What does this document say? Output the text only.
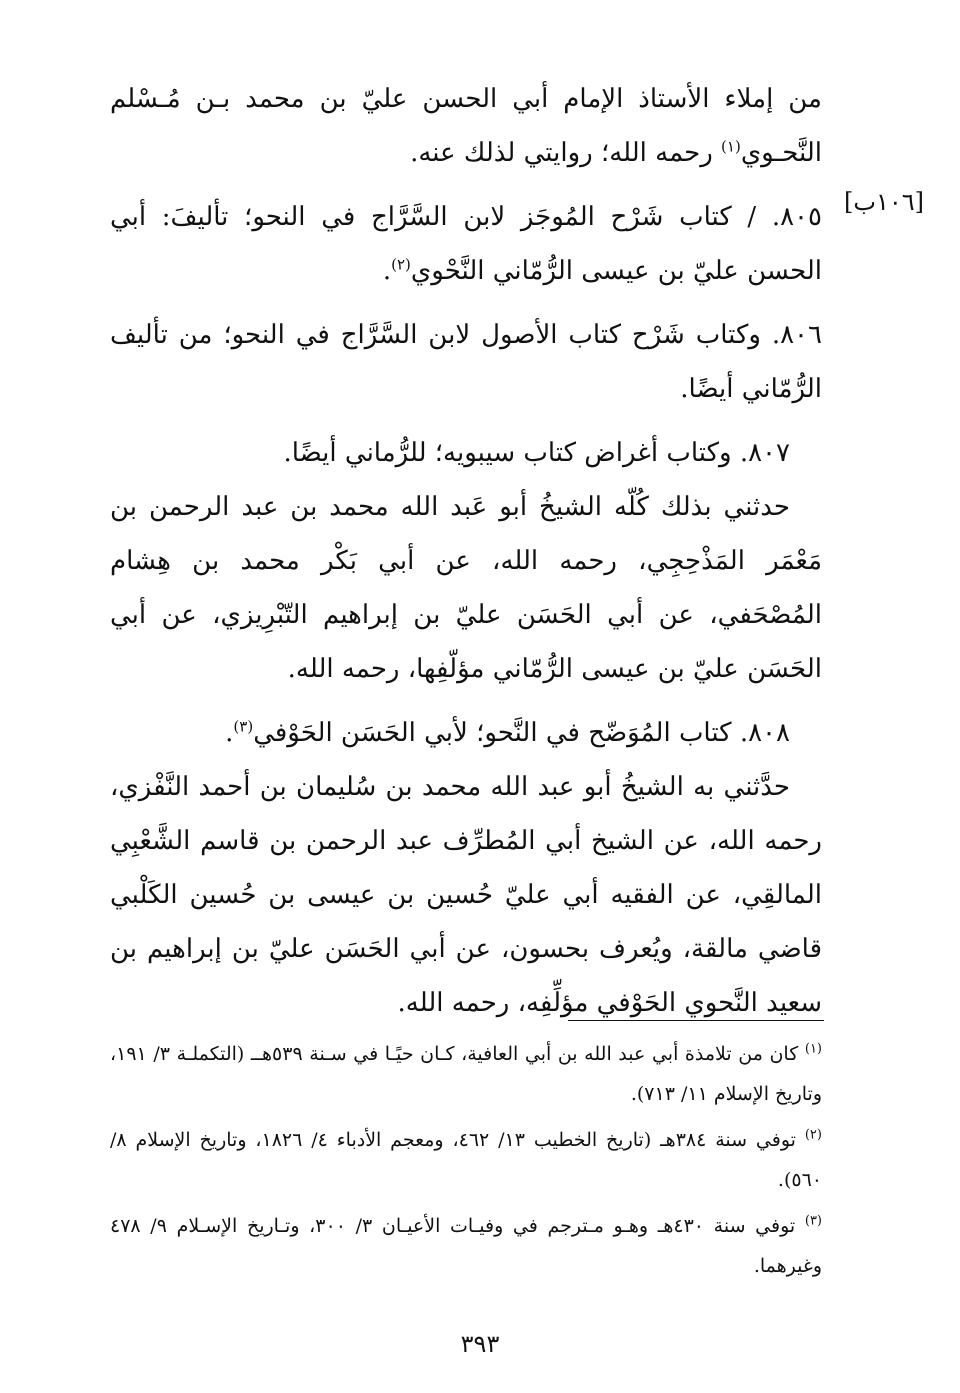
[١٠٦ب]

من إملاء الأستاذ الإمام أبي الحسن عليّ بن محمد بـن مُـسْلم النَّحـوي$^{(١)}$ رحمه الله؛ روايتي لذلك عنه.

٨٠٥. / كتاب شَرْح المُوجَز لابن السَّرَّاج في النحو؛ تأليفَ: أبي الحسن عليّ بن عيسى الرُّمّاني النَّحْوي$^{(٢)}$.

٨٠٦. وكتاب شَرْح كتاب الأصول لابن السَّرَّاج في النحو؛ من تأليف الرُّمّاني أيضًا.

٨٠٧. وكتاب أغراض كتاب سيبويه؛ للرُّماني أيضًا.

حدثني بذلك كُلّه الشيخُ أبو عَبد الله محمد بن عبد الرحمن بن مَعْمَر المَذْحِجِي، رحمه الله، عن أبي بَكْر محمد بن هِشام المُصْحَفي، عن أبي الحَسَن عليّ بن إبراهيم التّبْرِيزي، عن أبي الحَسَن عليّ بن عيسى الرُّمّاني مؤلّفِها، رحمه الله.

٨٠٨. كتاب المُوَضّح في النَّحو؛ لأبي الحَسَن الحَوْفي$^{(٣)}$.

حدَّثني به الشيخُ أبو عبد الله محمد بن سُليمان بن أحمد النَّفْزي، رحمه الله، عن الشيخ أبي المُطرِّف عبد الرحمن بن قاسم الشَّعْبِي المالقِي، عن الفقيه أبي عليّ حُسين بن عيسى بن حُسين الكَلْبي قاضي مالقة، ويُعرف بحسون، عن أبي الحَسَن عليّ بن إبراهيم بن سعيد النَّحوي الحَوْفي مؤلِّفِه، رحمه الله.

$^{(١)}$ كان من تلامذة أبي عبد الله بن أبي العافية، كـان حيًـا في سـنة ٥٣٩هــ (التكملـة ٣/ ١٩١، وتاريخ الإسلام ١١/ ٧١٣).

$^{(٢)}$ توفي سنة ٣٨٤هـ (تاريخ الخطيب ١٣/ ٤٦٢، ومعجم الأدباء ٤/ ١٨٢٦، وتاريخ الإسلام ٨/ ٥٦٠).

$^{(٣)}$ توفي سنة ٤٣٠هـ وهـو مـترجم في وفيـات الأعيـان ٣/ ٣٠٠، وتـاريخ الإسـلام ٩/ ٤٧٨ وغيرهما.

٣٩٣
